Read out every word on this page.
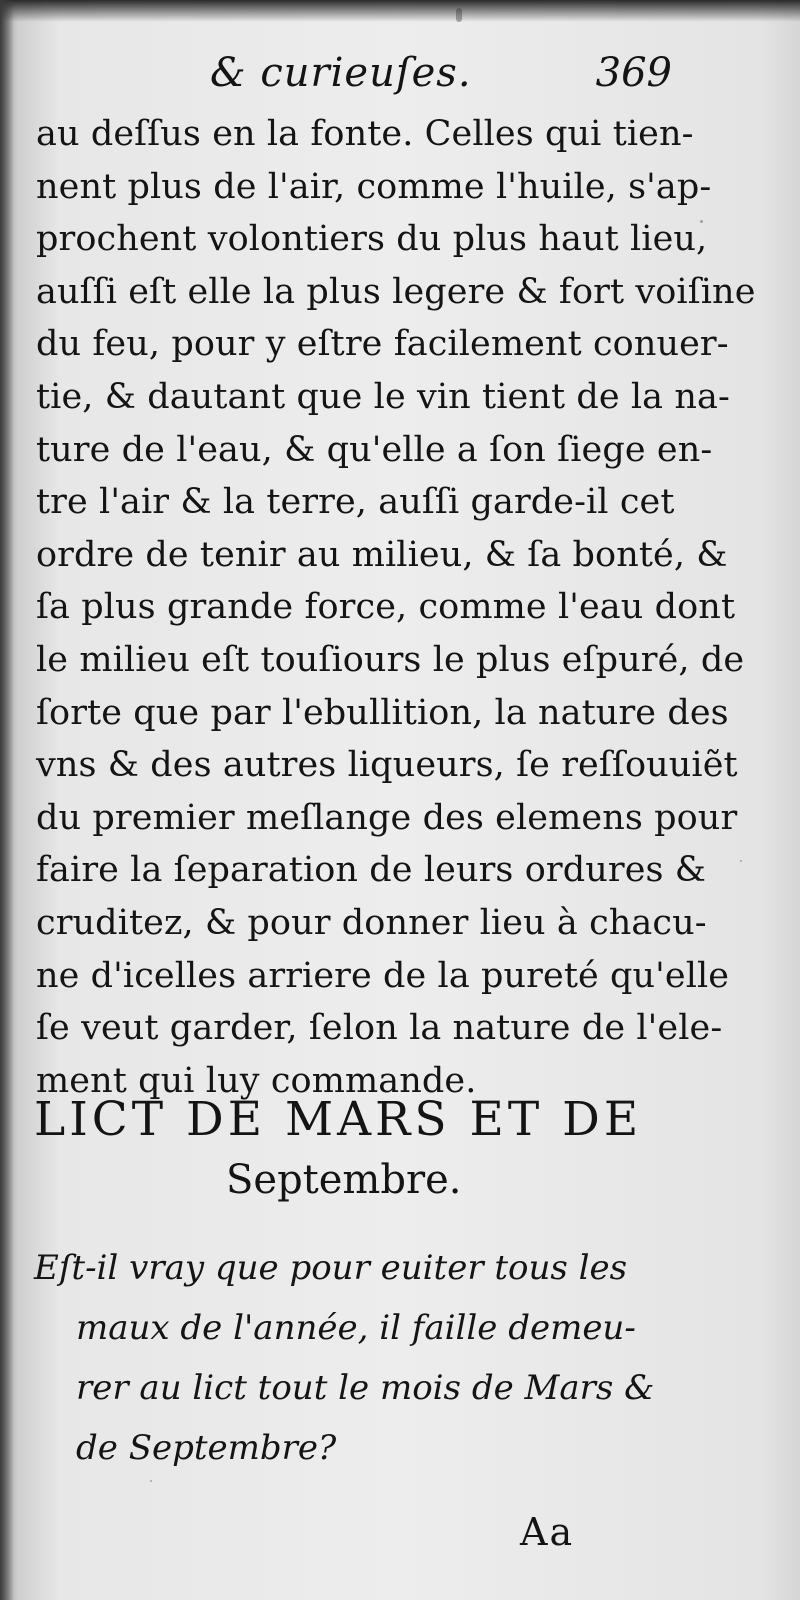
& curieuſes.	369
au deſſus en la fonte. Celles qui tien-
nent plus de l'air, comme l'huile, s'ap-
prochent volontiers du plus haut lieu,
auſſi eſt elle la plus legere & fort voiſine
du feu, pour y eſtre facilement conuer-
tie, & dautant que le vin tient de la na-
ture de l'eau, & qu'elle a ſon ſiege en-
tre l'air & la terre, auſſi garde-il cet
ordre de tenir au milieu, & ſa bonté, &
ſa plus grande force, comme l'eau dont
le milieu eſt touſiours le plus eſpuré, de
ſorte que par l'ebullition, la nature des
vns & des autres liqueurs, ſe reſſouuiẽt
du premier meſlange des elemens pour
faire la ſeparation de leurs ordures &
cruditez, & pour donner lieu à chacu-
ne d'icelles arriere de la pureté qu'elle
ſe veut garder, ſelon la nature de l'ele-
ment qui luy commande.
LICT DE MARS ET DE
Septembre.
Eſt-il vray que pour euiter tous les
maux de l'année, il faille demeu-
rer au lict tout le mois de Mars &
de Septembre?
Aa
